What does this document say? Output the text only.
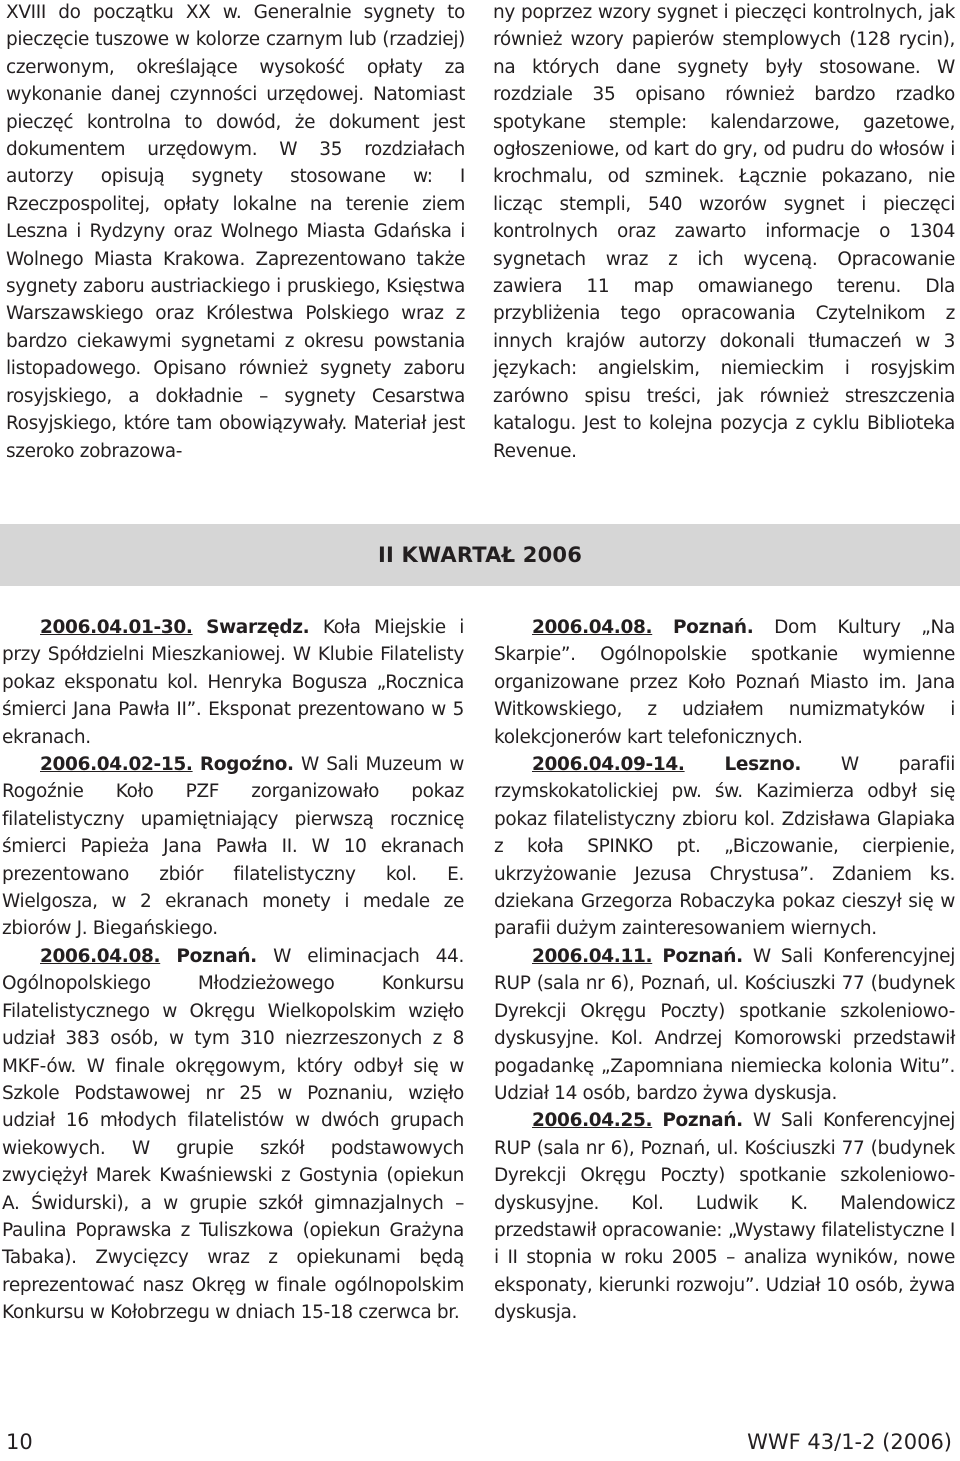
XVIII do początku XX w. Generalnie sygnety to pieczęcie tuszowe w kolorze czarnym lub (rzadziej) czerwonym, określające wysokość opłaty za wykonanie danej czynności urzędowej. Natomiast pieczęć kontrolna to dowód, że dokument jest dokumentem urzędowym. W 35 rozdziałach autorzy opisują sygnety stosowane w: I Rzeczpospolitej, opłaty lokalne na terenie ziem Leszna i Rydzyny oraz Wolnego Miasta Gdańska i Wolnego Miasta Krakowa. Zaprezentowano także sygnety zaboru austriackiego i pruskiego, Księstwa Warszawskiego oraz Królestwa Polskiego wraz z bardzo ciekawymi sygnetami z okresu powstania listopadowego. Opisano również sygnety zaboru rosyjskiego, a dokładnie – sygnety Cesarstwa Rosyjskiego, które tam obowiązywały. Materiał jest szeroko zobrazowa-

ny poprzez wzory sygnet i pieczęci kontrolnych, jak również wzory papierów stemplowych (128 rycin), na których dane sygnety były stosowane. W rozdziale 35 opisano również bardzo rzadko spotykane stemple: kalendarzowe, gazetowe, ogłoszeniowe, od kart do gry, od pudru do włosów i krochmalu, od szminek. Łącznie pokazano, nie licząc stempli, 540 wzorów sygnet i pieczęci kontrolnych oraz zawarto informacje o 1304 sygnetach wraz z ich wyceną. Opracowanie zawiera 11 map omawianego terenu. Dla przybliżenia tego opracowania Czytelnikom z innych krajów autorzy dokonali tłumaczeń w 3 językach: angielskim, niemieckim i rosyjskim zarówno spisu treści, jak również streszczenia katalogu. Jest to kolejna pozycja z cyklu Biblioteka Revenue.

II KWARTAŁ 2006

2006.04.01-30. Swarzędz. Koła Miejskie i przy Spółdzielni Mieszkaniowej. W Klubie Filatelisty pokaz eksponatu kol. Henryka Bogusza „Rocznica śmierci Jana Pawła II”. Eksponat prezentowano w 5 ekranach.

2006.04.02-15. Rogoźno. W Sali Muzeum w Rogoźnie Koło PZF zorganizowało pokaz filatelistyczny upamiętniający pierwszą rocznicę śmierci Papieża Jana Pawła II. W 10 ekranach prezentowano zbiór filatelistyczny kol. E. Wielgosza, w 2 ekranach monety i medale ze zbiorów J. Biegańskiego.

2006.04.08. Poznań. W eliminacjach 44. Ogólnopolskiego Młodzieżowego Konkursu Filatelistycznego w Okręgu Wielkopolskim wzięło udział 383 osób, w tym 310 niezrzeszonych z 8 MKF-ów. W finale okręgowym, który odbył się w Szkole Podstawowej nr 25 w Poznaniu, wzięło udział 16 młodych filatelistów w dwóch grupach wiekowych. W grupie szkół podstawowych zwyciężył Marek Kwaśniewski z Gostynia (opiekun A. Świdurski), a w grupie szkół gimnazjalnych – Paulina Poprawska z Tuliszkowa (opiekun Grażyna Tabaka). Zwycięzcy wraz z opiekunami będą reprezentować nasz Okręg w finale ogólnopolskim Konkursu w Kołobrzegu w dniach 15-18 czerwca br.

2006.04.08. Poznań. Dom Kultury „Na Skarpie”. Ogólnopolskie spotkanie wymienne organizowane przez Koło Poznań Miasto im. Jana Witkowskiego, z udziałem numizmatyków i kolekcjonerów kart telefonicznych.

2006.04.09-14. Leszno. W parafii rzymskokatolickiej pw. św. Kazimierza odbył się pokaz filatelistyczny zbioru kol. Zdzisława Glapiaka z koła SPINKO pt. „Biczowanie, cierpienie, ukrzyżowanie Jezusa Chrystusa”. Zdaniem ks. dziekana Grzegorza Robaczyka pokaz cieszył się w parafii dużym zainteresowaniem wiernych.

2006.04.11. Poznań. W Sali Konferencyjnej RUP (sala nr 6), Poznań, ul. Kościuszki 77 (budynek Dyrekcji Okręgu Poczty) spotkanie szkoleniowo-dyskusyjne. Kol. Andrzej Komorowski przedstawił pogadankę „Zapomniana niemiecka kolonia Witu”. Udział 14 osób, bardzo żywa dyskusja.

2006.04.25. Poznań. W Sali Konferencyjnej RUP (sala nr 6), Poznań, ul. Kościuszki 77 (budynek Dyrekcji Okręgu Poczty) spotkanie szkoleniowo-dyskusyjne. Kol. Ludwik K. Malendowicz przedstawił opracowanie: „Wystawy filatelistyczne I i II stopnia w roku 2005 – analiza wyników, nowe eksponaty, kierunki rozwoju”. Udział 10 osób, żywa dyskusja.

10	WWF 43/1-2 (2006)
